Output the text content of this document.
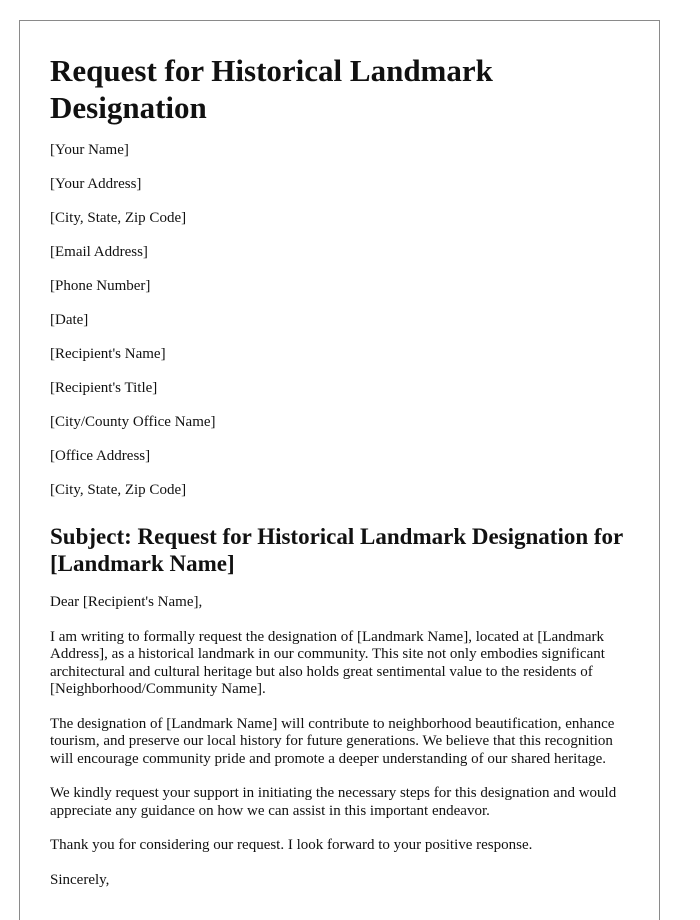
Request for Historical Landmark Designation

[Your Name]

[Your Address]

[City, State, Zip Code]

[Email Address]

[Phone Number]

[Date]

[Recipient's Name]

[Recipient's Title]

[City/County Office Name]

[Office Address]

[City, State, Zip Code]

Subject: Request for Historical Landmark Designation for [Landmark Name]

Dear [Recipient's Name],

I am writing to formally request the designation of [Landmark Name], located at [Landmark Address], as a historical landmark in our community. This site not only embodies significant architectural and cultural heritage but also holds great sentimental value to the residents of [Neighborhood/Community Name].

The designation of [Landmark Name] will contribute to neighborhood beautification, enhance tourism, and preserve our local history for future generations. We believe that this recognition will encourage community pride and promote a deeper understanding of our shared heritage.

We kindly request your support in initiating the necessary steps for this designation and would appreciate any guidance on how we can assist in this important endeavor.

Thank you for considering our request. I look forward to your positive response.

Sincerely,
